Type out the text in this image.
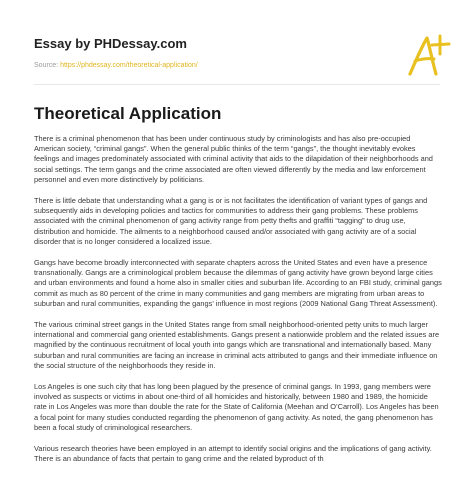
Essay by PHDessay.com
Source: https://phdessay.com/theoretical-application/
Theoretical Application

There is a criminal phenomenon that has been under continuous study by criminologists and has also pre-occupied American society, “criminal gangs”. When the general public thinks of the term “gangs”, the thought inevitably evokes feelings and images predominately associated with criminal activity that aids to the dilapidation of their neighborhoods and social settings. The term gangs and the crime associated are often viewed differently by the media and law enforcement personnel and even more distinctively by politicians.

There is little debate that understanding what a gang is or is not facilitates the identification of variant types of gangs and subsequently aids in developing policies and tactics for communities to address their gang problems. These problems associated with the criminal phenomenon of gang activity range from petty thefts and graffiti “tagging” to drug use, distribution and homicide. The ailments to a neighborhood caused and/or associated with gang activity are of a social disorder that is no longer considered a localized issue.

Gangs have become broadly interconnected with separate chapters across the United States and even have a presence transnationally. Gangs are a criminological problem because the dilemmas of gang activity have grown beyond large cities and urban environments and found a home also in smaller cities and suburban life. According to an FBI study, criminal gangs commit as much as 80 percent of the crime in many communities and gang members are migrating from urban areas to suburban and rural communities, expanding the gangs’ influence in most regions (2009 National Gang Threat Assessment).

The various criminal street gangs in the United States range from small neighborhood-oriented petty units to much larger international and commercial gang oriented establishments. Gangs present a nationwide problem and the related issues are magnified by the continuous recruitment of local youth into gangs which are transnational and internationally based. Many suburban and rural communities are facing an increase in criminal acts attributed to gangs and their immediate influence on the social structure of the neighborhoods they reside in.

Los Angeles is one such city that has long been plagued by the presence of criminal gangs. In 1993, gang members were involved as suspects or victims in about one-third of all homicides and historically, between 1980 and 1989, the homicide rate in Los Angeles was more than double the rate for the State of California (Meehan and O’Carroll). Los Angeles has been a focal point for many studies conducted regarding the phenomenon of gang activity. As noted, the gang phenomenon has been a focal study of criminological researchers.

Various research theories have been employed in an attempt to identify social origins and the implications of gang activity. There is an abundance of facts that pertain to gang crime and the related byproduct of th
